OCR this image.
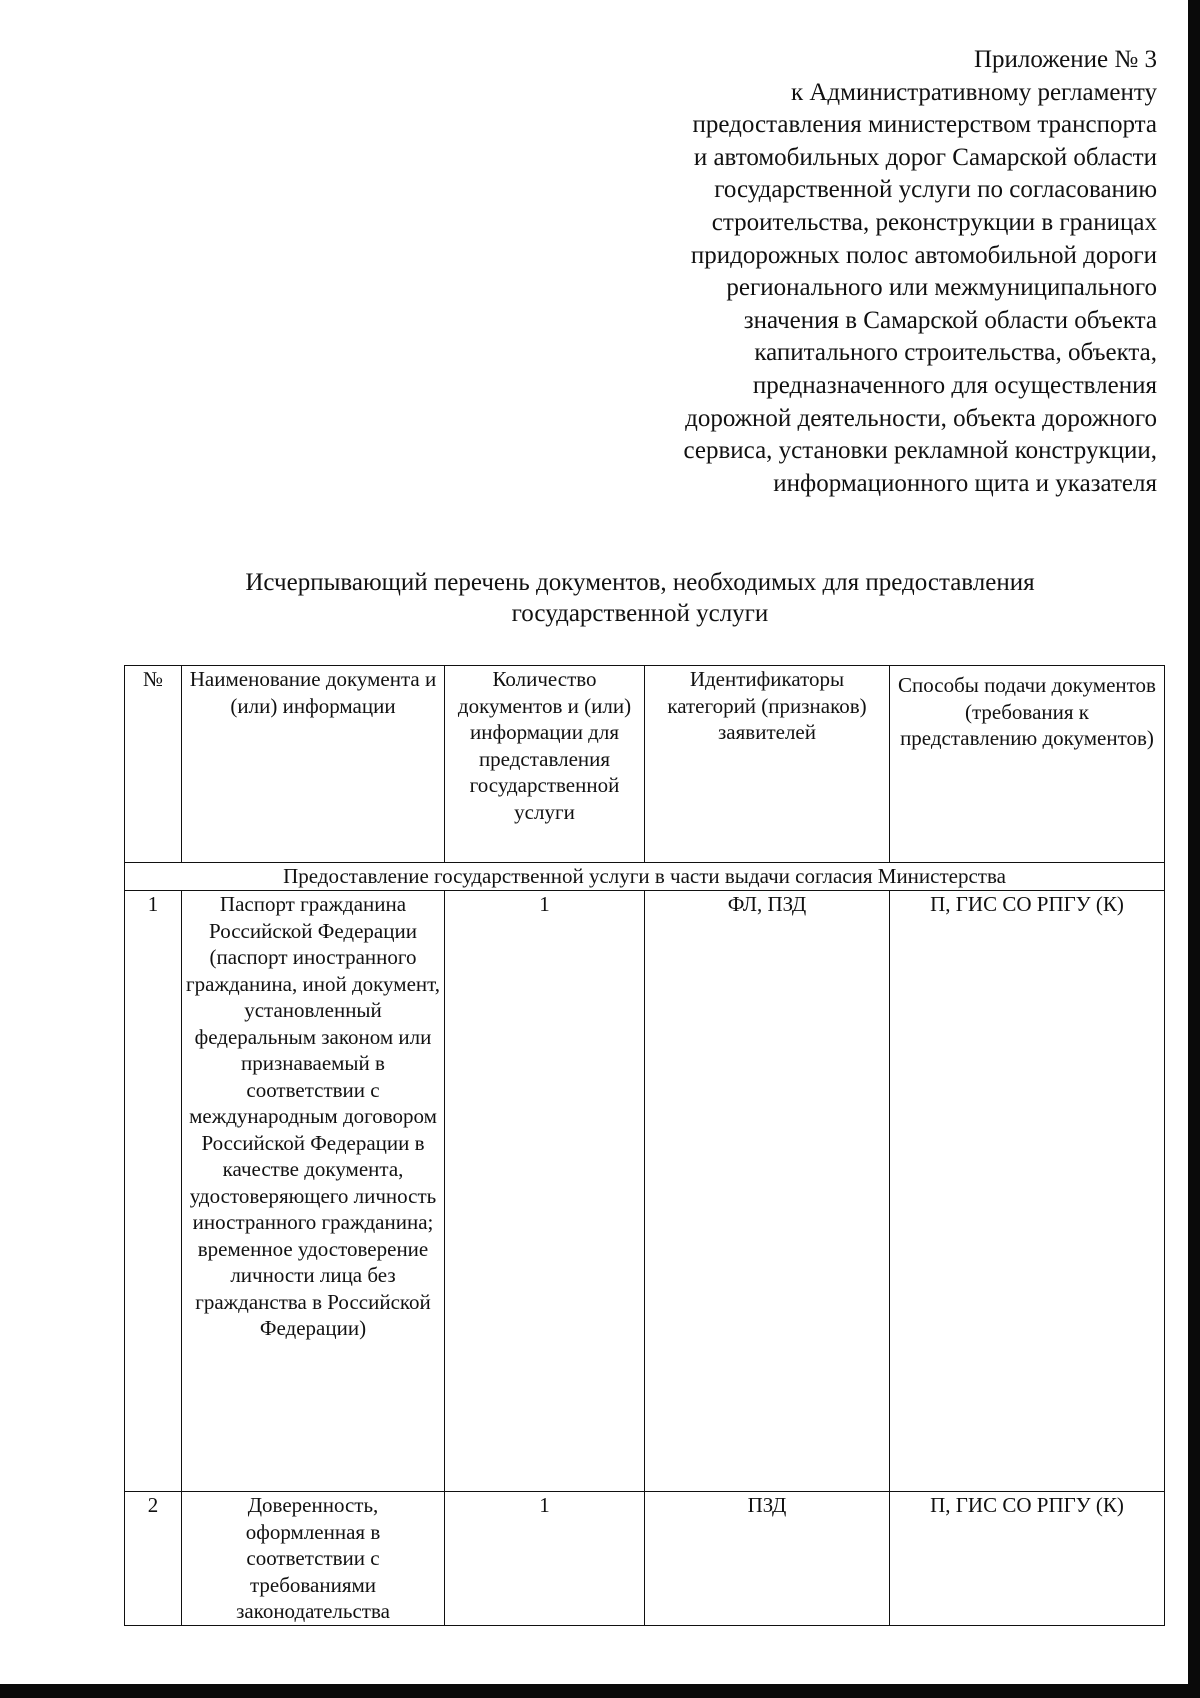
Приложение № 3
к Административному регламенту
предоставления министерством транспорта
и автомобильных дорог Самарской области
государственной услуги по согласованию
строительства, реконструкции в границах
придорожных полос автомобильной дороги
регионального или межмуниципального
значения в Самарской области объекта
капитального строительства, объекта,
предназначенного для осуществления
дорожной деятельности, объекта дорожного
сервиса, установки рекламной конструкции,
информационного щита и указателя
Исчерпывающий перечень документов, необходимых для предоставления
государственной услуги
№	Наименование документа и (или) информации	Количество документов и (или) информации для представления государственной услуги	Идентификаторы категорий (признаков) заявителей	Способы подачи документов (требования к представлению документов)
Предоставление государственной услуги в части выдачи согласия Министерства				
1	Паспорт гражданина Российской Федерации (паспорт иностранного гражданина, иной документ, установленный федеральным законом или признаваемый в соответствии с международным договором Российской Федерации в качестве документа, удостоверяющего личность иностранного гражданина; временное удостоверение личности лица без гражданства в Российской Федерации)	1	ФЛ, ПЗД	П, ГИС СО РПГУ (К)
2	Доверенность, оформленная в соответствии с требованиями законодательства	1	ПЗД	П, ГИС СО РПГУ (К)
